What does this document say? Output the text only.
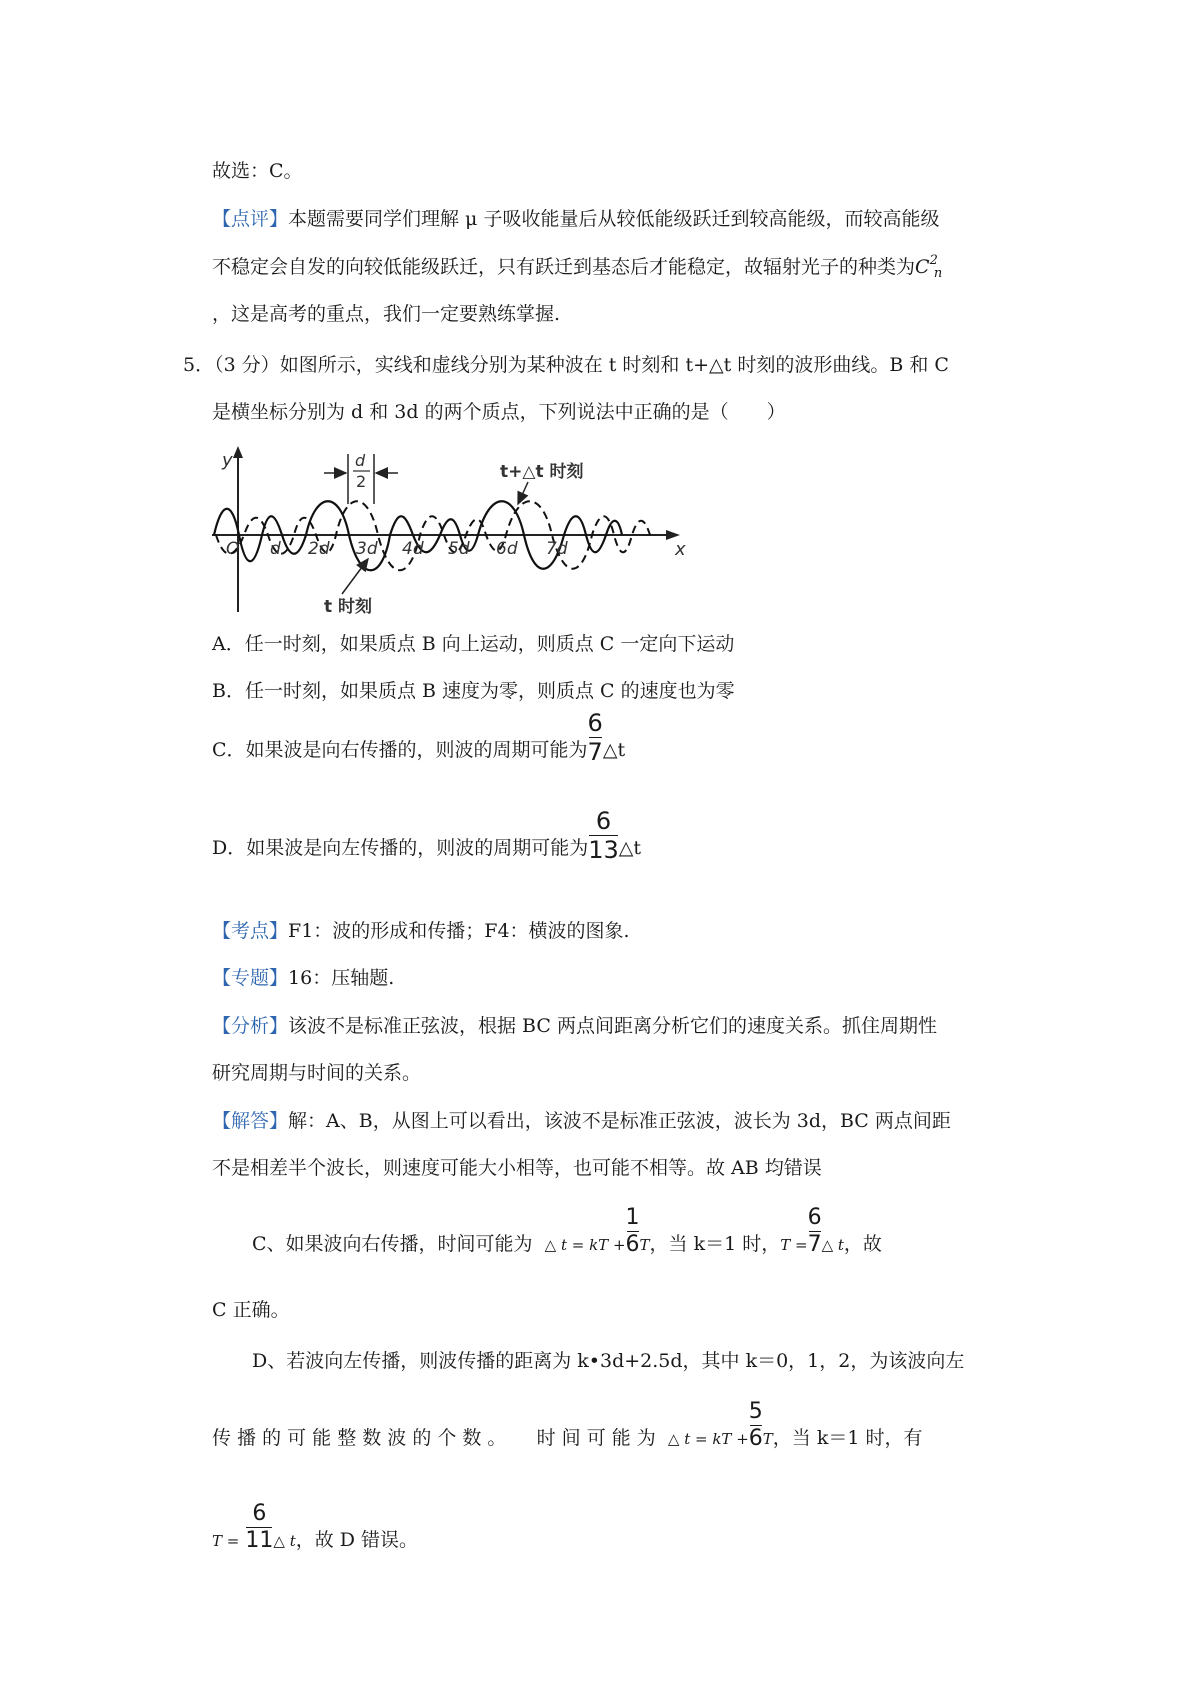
故选：C。
【点评】本题需要同学们理解 μ 子吸收能量后从较低能级跃迁到较高能级，而较高能级
不稳定会自发的向较低能级跃迁，只有跃迁到基态后才能稳定，故辐射光子的种类为C2n
，这是高考的重点，我们一定要熟练掌握.
5．（3 分）如图所示，实线和虚线分别为某种波在 t 时刻和 t+△t 时刻的波形曲线。B 和 C
是横坐标分别为 d 和 3d 的两个质点，下列说法中正确的是（　　）
y
x
O d 2d 3d 4d 5d 6d 7d
d
2	t+△t 时刻
t 时刻
A．任一时刻，如果质点 B 向上运动，则质点 C 一定向下运动
B．任一时刻，如果质点 B 速度为零，则质点 C 的速度也为零
C．如果波是向右传播的，则波的周期可能为 $\frac{6}{7}$ △t
D．如果波是向左传播的，则波的周期可能为 $\frac{6}{13}$ △t
【考点】F1：波的形成和传播；F4：横波的图象.
【专题】16：压轴题.
【分析】该波不是标准正弦波，根据 BC 两点间距离分析它们的速度关系。抓住周期性
研究周期与时间的关系。
【解答】解：A、B，从图上可以看出，该波不是标准正弦波，波长为 3d，BC 两点间距
不是相差半个波长，则速度可能大小相等，也可能不相等。故 AB 均错误
C、如果波向右传播，时间可能为 △ t = kT + $\frac{1}{6}$ T，当 k＝1 时，$T = \frac{6}{7}$ △ t，故
C 正确。
D、若波向左传播，则波传播的距离为 k•3d+2.5d，其中 k＝0，1，2，为该波向左
传 播 的 可 能 整 数 波 的 个 数 。 时 间 可 能 为 △ t = kT + $\frac{5}{6}$ T，当 k＝1 时，有
$T = \frac{6}{11}$ △ t，故 D 错误。
